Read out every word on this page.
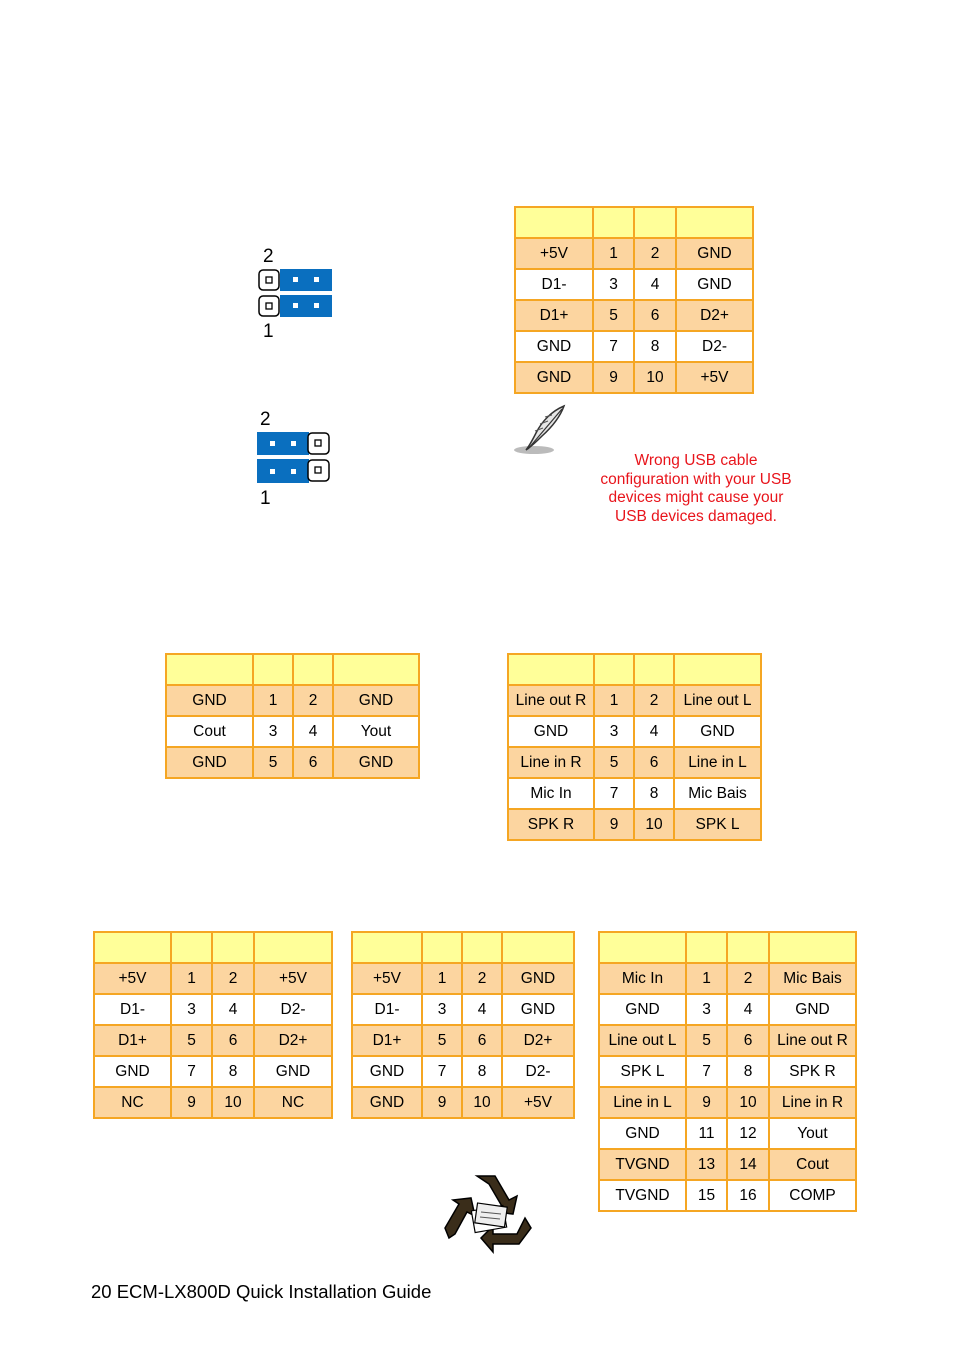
2
1
2
1
Wrong USB cable configuration with your USB devices might cause your USB devices damaged.

+5V	1	2	GND
D1-	3	4	GND
D1+	5	6	D2+
GND	7	8	D2-
GND	9	10	+5V

GND	1	2	GND
Cout	3	4	Yout
GND	5	6	GND

Line out R	1	2	Line out L
GND	3	4	GND
Line in R	5	6	Line in L
Mic In	7	8	Mic Bais
SPK R	9	10	SPK L

+5V	1	2	+5V
D1-	3	4	D2-
D1+	5	6	D2+
GND	7	8	GND
NC	9	10	NC

+5V	1	2	GND
D1-	3	4	GND
D1+	5	6	D2+
GND	7	8	D2-
GND	9	10	+5V

Mic In	1	2	Mic Bais
GND	3	4	GND
Line out L	5	6	Line out R
SPK L	7	8	SPK R
Line in L	9	10	Line in R
GND	11	12	Yout
TVGND	13	14	Cout
TVGND	15	16	COMP
20 ECM-LX800D Quick Installation Guide
